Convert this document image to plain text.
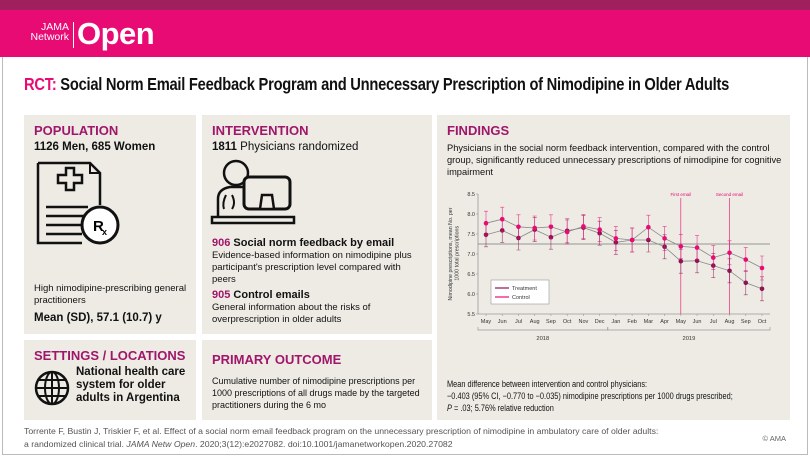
JAMA
Network Open
RCT: Social Norm Email Feedback Program and Unnecessary Prescription of Nimodipine in Older Adults
POPULATION
1126 Men, 685 Women
R
x
High nimodipine-prescribing general practitioners
Mean (SD), 57.1 (10.7) y
INTERVENTION
1811 Physicians randomized
906 Social norm feedback by email
Evidence-based information on nimodipine plus participant's prescription level compared with peers
905 Control emails
General information about the risks of overprescription in older adults
SETTINGS / LOCATIONS
National health care system for older adults in Argentina
PRIMARY OUTCOME
Cumulative number of nimodipine prescriptions per 1000 prescriptions of all drugs made by the targeted practitioners during the 6 mo
FINDINGS
Physicians in the social norm feedback intervention, compared with the control group, significantly reduced unnecessary prescriptions of nimodipine for cognitive impairment
8.5
8.0
7.5
7.0
6.5
6.0
5.5
Nimodipine prescriptions, mean No. per 1000 total prescriptions
May Jun Jul Aug Sep Oct Nov Dec Jan Feb Mar Apr May Jun Jul Aug Sep Oct
2018	2019
First email	Second email
Treatment
Control
Mean difference between intervention and control physicians:
−0.403 (95% CI, −0.770 to −0.035) nimodipine prescriptions per 1000 drugs prescribed;
P = .03; 5.76% relative reduction
Torrente F, Bustin J, Triskier F, et al. Effect of a social norm email feedback program on the unnecessary prescription of nimodipine in ambulatory care of older adults:
a randomized clinical trial. JAMA Netw Open. 2020;3(12):e2027082. doi:10.1001/jamanetworkopen.2020.27082	© AMA
